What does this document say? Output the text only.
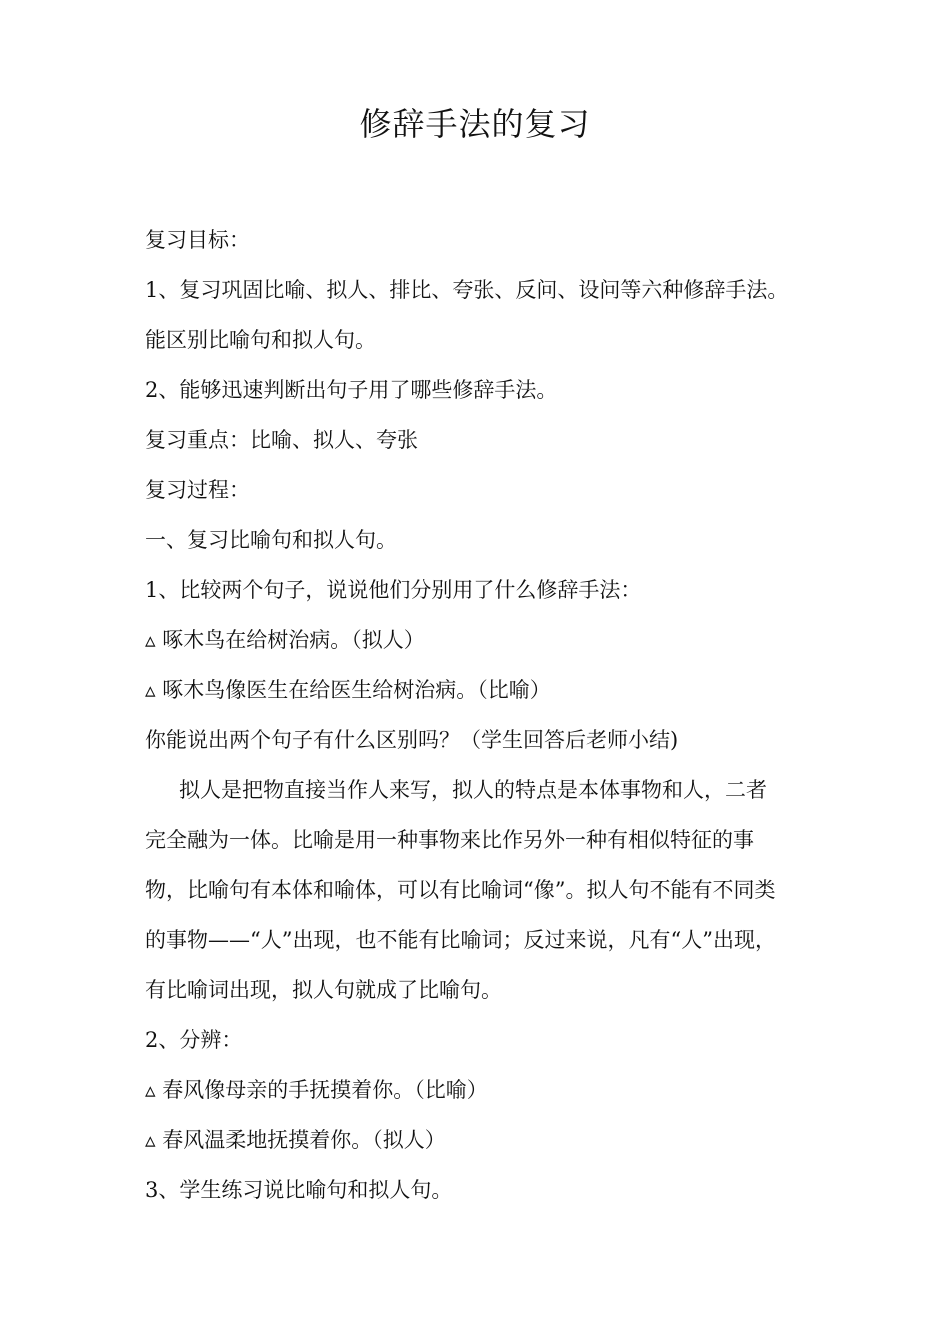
修辞手法的复习
复习目标：
1、复习巩固比喻、拟人、排比、夸张、反问、设问等六种修辞手法。
能区别比喻句和拟人句。
2、能够迅速判断出句子用了哪些修辞手法。
复习重点：比喻、拟人、夸张
复习过程：
一、复习比喻句和拟人句。
1、比较两个句子，说说他们分别用了什么修辞手法：
▵ 啄木鸟在给树治病。（拟人）
▵ 啄木鸟像医生在给医生给树治病。（比喻）
你能说出两个句子有什么区别吗？（学生回答后老师小结)
拟人是把物直接当作人来写，拟人的特点是本体事物和人，二者
完全融为一体。比喻是用一种事物来比作另外一种有相似特征的事
物，比喻句有本体和喻体，可以有比喻词“像”。拟人句不能有不同类
的事物——“人”出现，也不能有比喻词；反过来说，凡有“人”出现，
有比喻词出现，拟人句就成了比喻句。
2、分辨：
▵ 春风像母亲的手抚摸着你。（比喻）
▵ 春风温柔地抚摸着你。（拟人）
3、学生练习说比喻句和拟人句。
